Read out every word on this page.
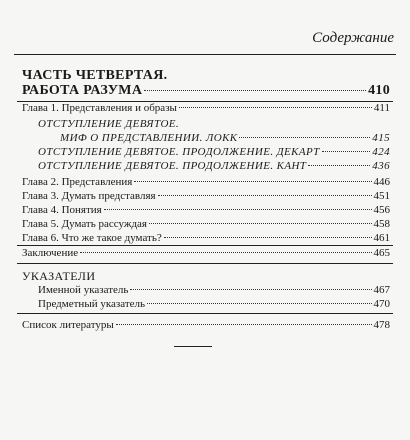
Содержание
ЧАСТЬ ЧЕТВЕРТАЯ.
РАБОТА РАЗУМА	410
Глава 1. Представления и образы	411
ОТСТУПЛЕНИЕ ДЕВЯТОЕ.
МИФ О ПРЕДСТАВЛЕНИИ. ЛОКК	415
ОТСТУПЛЕНИЕ ДЕВЯТОЕ. ПРОДОЛЖЕНИЕ. ДЕКАРТ	424
ОТСТУПЛЕНИЕ ДЕВЯТОЕ. ПРОДОЛЖЕНИЕ. КАНТ	436
Глава 2. Представления	446
Глава 3. Думать представляя	451
Глава 4. Понятия	456
Глава 5. Думать рассуждая	458
Глава 6. Что же такое думать?	461
Заключение	465
УКАЗАТЕЛИ
Именной указатель	467
Предметный указатель	470
Список литературы	478
